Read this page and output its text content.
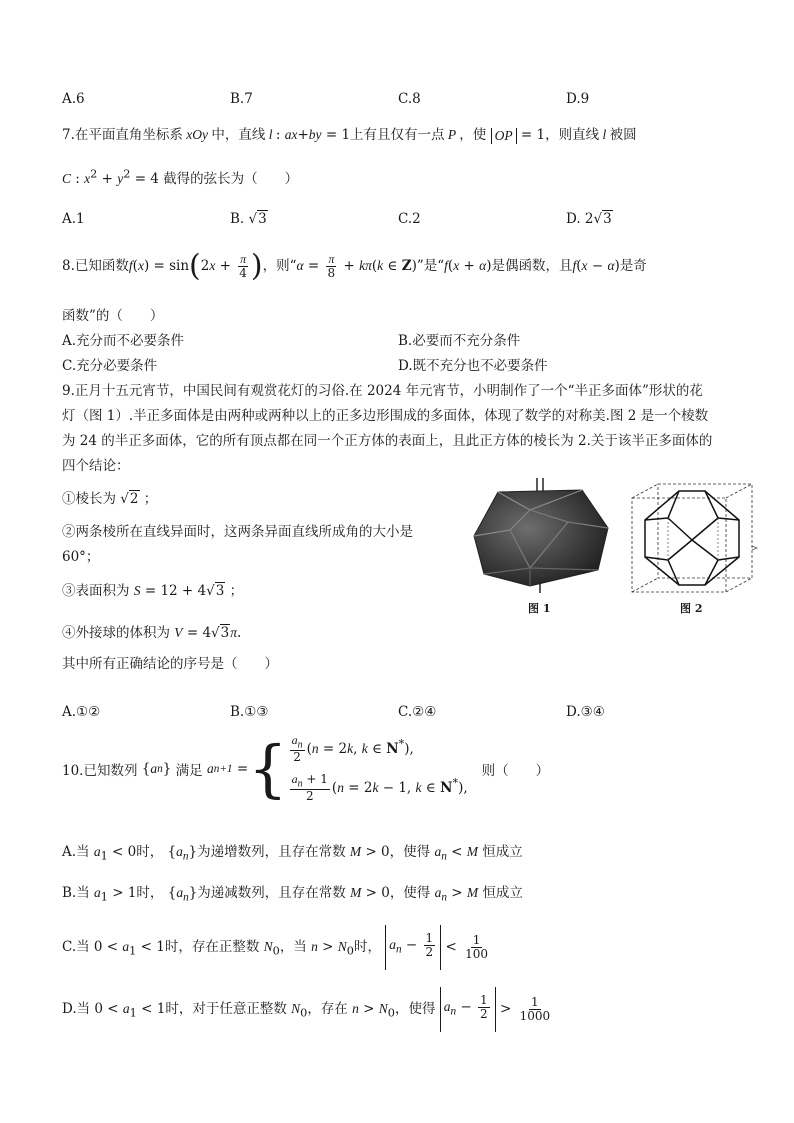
A.6	B.7	C.8	D.9
7.在平面直角坐标系 xOy 中，直线 l : ax+by = 1上有且仅有一点 P ，使 OP = 1，则直线 l 被圆
C : $x^2 + y^2 = 4$ 截得的弦长为（　　）
A.1	B. √3	C.2	D. 2√3
8.已知函数$f(x) = \sin(2x + \frac{\pi}{4}$ )，则“$\alpha = \frac{\pi}{8} + k\pi(k$ ∈ Z)”是“f(x + α)是偶函数，且f(x − α)是奇
函数”的（　　）
A.充分而不必要条件	B.必要而不充分条件
C.充分必要条件	D.既不充分也不必要条件
9.正月十五元宵节，中国民间有观赏花灯的习俗.在 2024 年元宵节，小明制作了一个“半正多面体”形状的花
灯（图 1）.半正多面体是由两种或两种以上的正多边形围成的多面体，体现了数学的对称美.图 2 是一个棱数
为 24 的半正多面体，它的所有顶点都在同一个正方体的表面上，且此正方体的棱长为 2.关于该半正多面体的
四个结论：
①棱长为 √2 ；
②两条棱所在直线异面时，这两条异面直线所成角的大小是
60°；
③表面积为 S = 12 + 4√3 ；
④外接球的体积为 V = 4√3π.
其中所有正确结论的序号是（　　）
图 1	图 2
A.①②	B.①③	C.②④	D.③④
10.已知数列 { a n } 满足
a n+1 = { $\frac{a_n}{2} (n = 2k$, k ∈ N*),
$\frac{a_n + 1}{2} (n = 2k - 1$, k ∈ N*),
则（　　）
A.当 $a_1 < 0$时， $\{a_n\}$为递增数列，且存在常数 M > 0，使得 $a_n < M$ 恒成立
B.当 $a_1 > 1$时， $\{a_n\}$为递减数列，且存在常数 M > 0，使得 $a_n > M$ 恒成立
C.当 $0 < a_1 < 1$时，存在正整数 $N_0$，当 $n > N_0$时， $a_n - \frac{1}{2} < \frac{1}{100}$
D.当 $0 < a_1 < 1$时，对于任意正整数 $N_0$，存在 $n > N_0$，使得 $a_n - \frac{1}{2} > \frac{1}{1000}$
